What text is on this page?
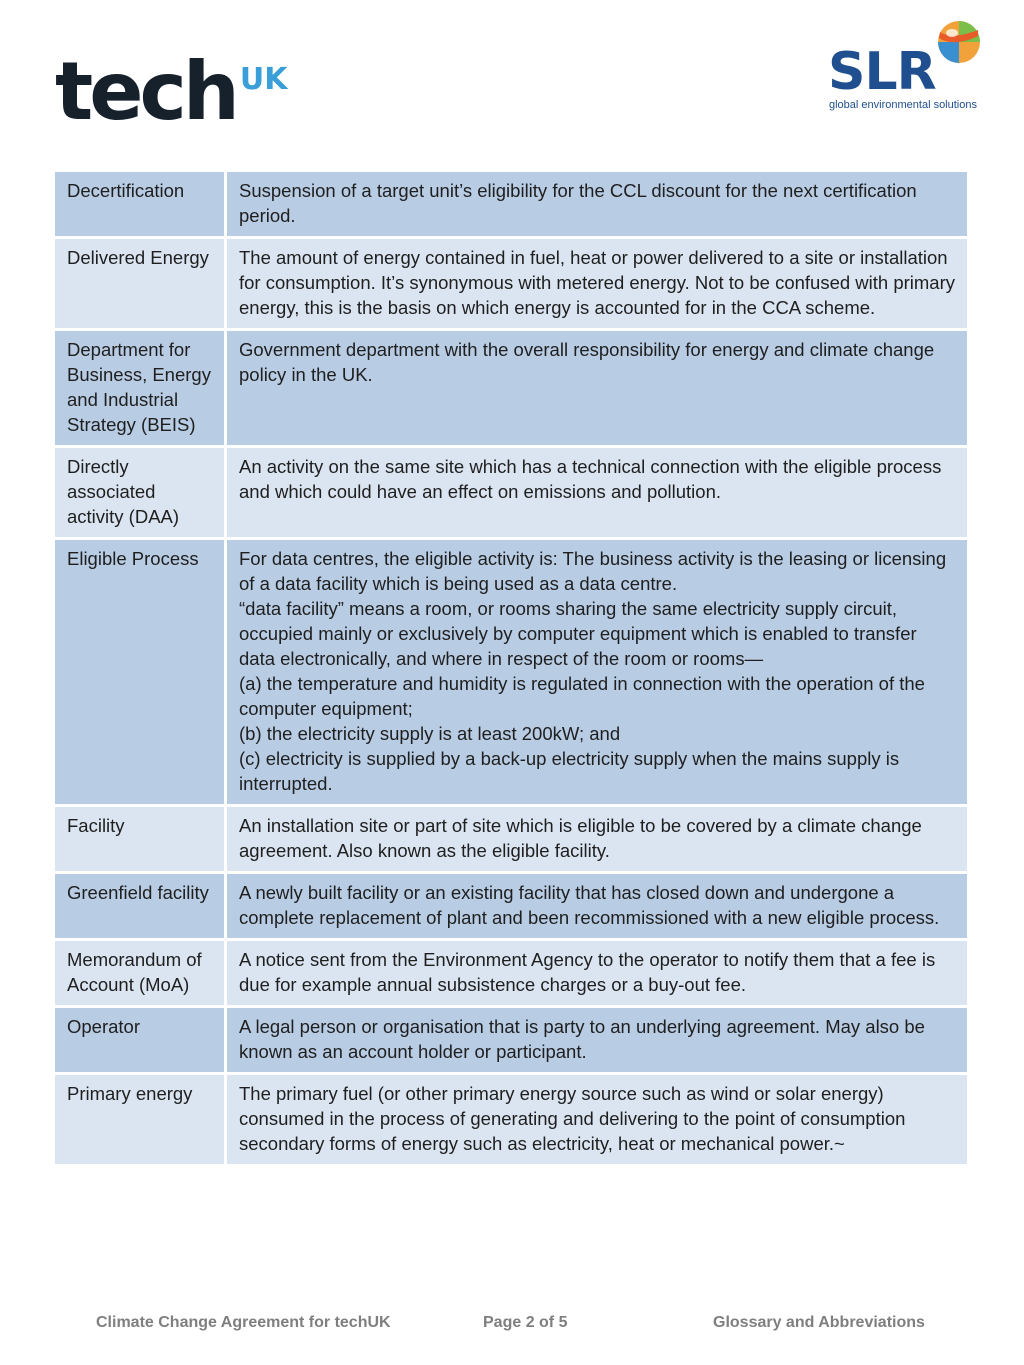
tech $^{UK}$	SLR
global environmental solutions
Decertification	Suspension of a target unit’s eligibility for the CCL discount for the next certification period.
Delivered Energy	The amount of energy contained in fuel, heat or power delivered to a site or installation for consumption. It’s synonymous with metered energy. Not to be confused with primary energy, this is the basis on which energy is accounted for in the CCA scheme.
Department for Business, Energy and Industrial Strategy (BEIS)	Government department with the overall responsibility for energy and climate change policy in the UK.
Directly associated activity (DAA)	An activity on the same site which has a technical connection with the eligible process and which could have an effect on emissions and pollution.
Eligible Process	For data centres, the eligible activity is: The business activity is the leasing or licensing of a data facility which is being used as a data centre.
“data facility” means a room, or rooms sharing the same electricity supply circuit, occupied mainly or exclusively by computer equipment which is enabled to transfer data electronically, and where in respect of the room or rooms—
(a) the temperature and humidity is regulated in connection with the operation of the computer equipment;
(b) the electricity supply is at least 200kW; and
(c) electricity is supplied by a back-up electricity supply when the mains supply is interrupted.
Facility	An installation site or part of site which is eligible to be covered by a climate change agreement. Also known as the eligible facility.
Greenfield facility	A newly built facility or an existing facility that has closed down and undergone a complete replacement of plant and been recommissioned with a new eligible process.
Memorandum of Account (MoA)	A notice sent from the Environment Agency to the operator to notify them that a fee is due for example annual subsistence charges or a buy-out fee.
Operator	A legal person or organisation that is party to an underlying agreement. May also be known as an account holder or participant.
Primary energy	The primary fuel (or other primary energy source such as wind or solar energy) consumed in the process of generating and delivering to the point of consumption secondary forms of energy such as electricity, heat or mechanical power.~
Climate Change Agreement for techUK	Page 2 of 5	Glossary and Abbreviations
